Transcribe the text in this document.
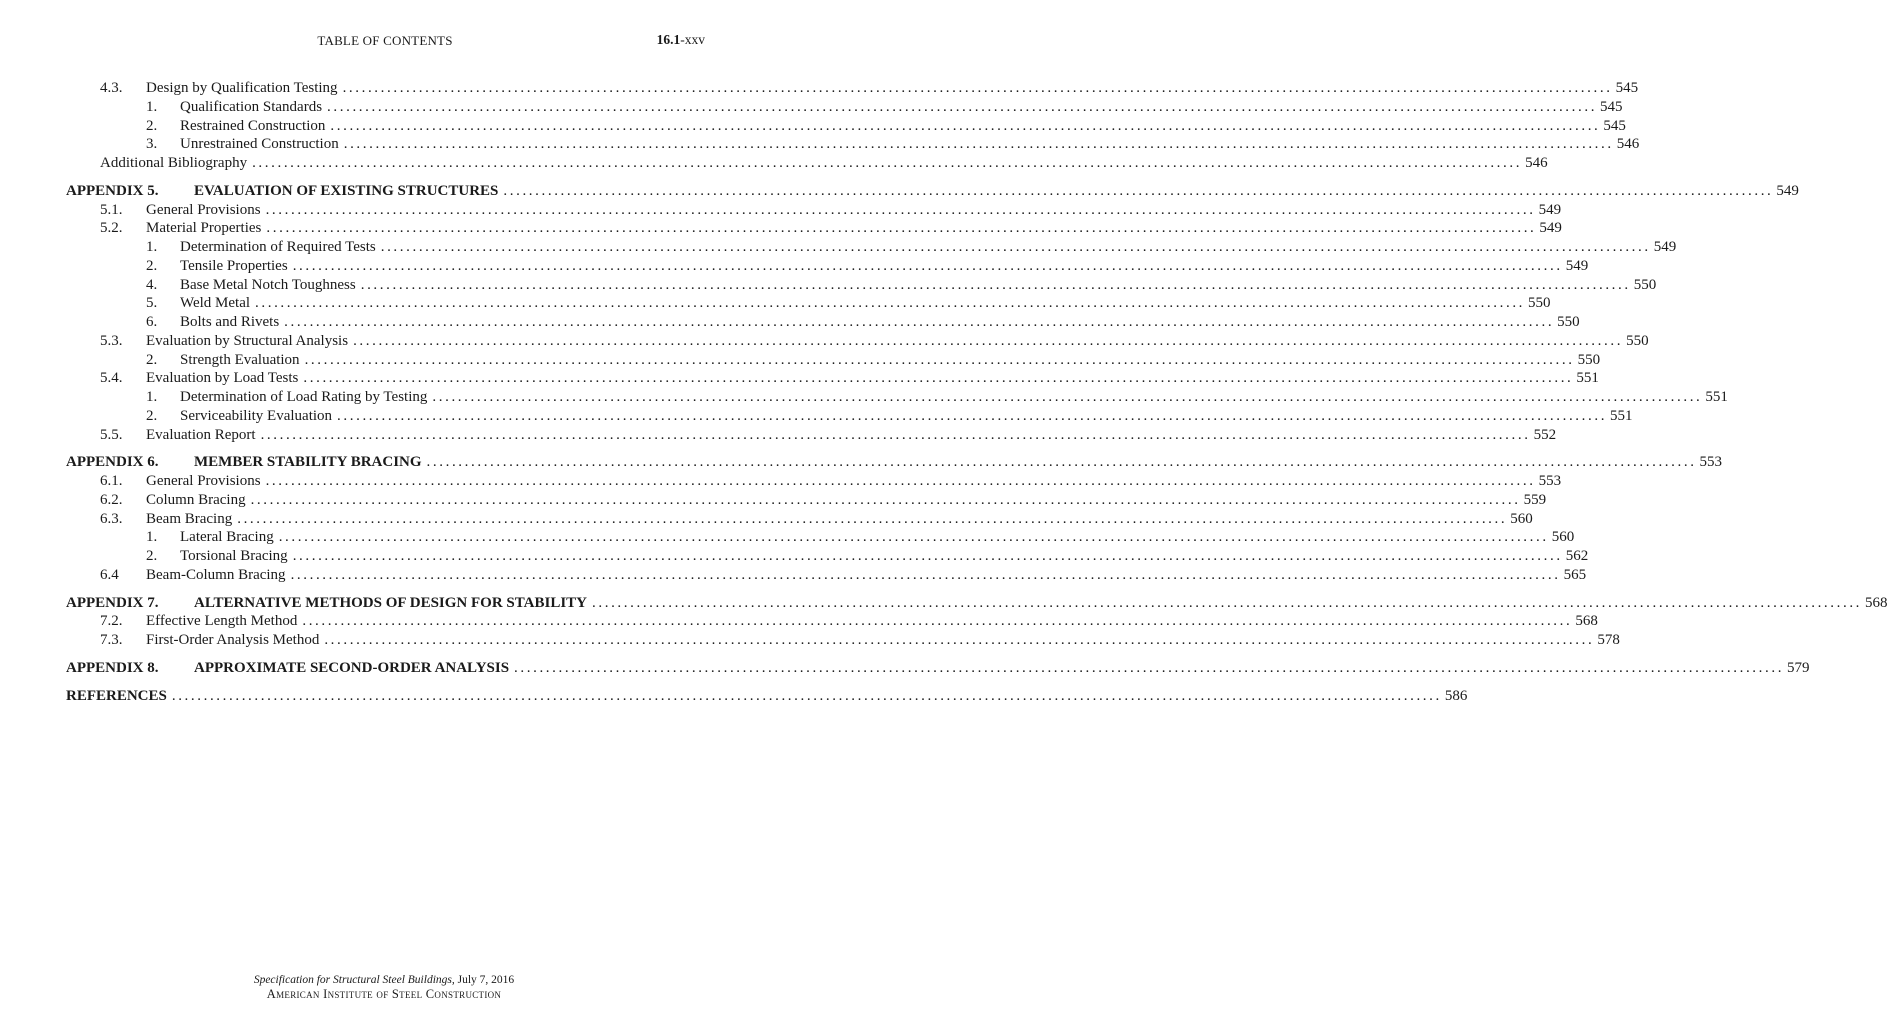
TABLE OF CONTENTS	16.1-xxv
4.3. Design by Qualification Testing ........................................................................................................................................................................................................ 545
1. Qualification Standards ........................................................................................................................................................................................................ 545
2. Restrained Construction ........................................................................................................................................................................................................ 545
3. Unrestrained Construction ........................................................................................................................................................................................................ 546
Additional Bibliography ........................................................................................................................................................................................................ 546
APPENDIX 5. EVALUATION OF EXISTING STRUCTURES ........................................................................................................................................................................................................ 549
5.1. General Provisions ........................................................................................................................................................................................................ 549
5.2. Material Properties ........................................................................................................................................................................................................ 549
1. Determination of Required Tests ........................................................................................................................................................................................................ 549
2. Tensile Properties ........................................................................................................................................................................................................ 549
4. Base Metal Notch Toughness ........................................................................................................................................................................................................ 550
5. Weld Metal ........................................................................................................................................................................................................ 550
6. Bolts and Rivets ........................................................................................................................................................................................................ 550
5.3. Evaluation by Structural Analysis ........................................................................................................................................................................................................ 550
2. Strength Evaluation ........................................................................................................................................................................................................ 550
5.4. Evaluation by Load Tests ........................................................................................................................................................................................................ 551
1. Determination of Load Rating by Testing ........................................................................................................................................................................................................ 551
2. Serviceability Evaluation ........................................................................................................................................................................................................ 551
5.5. Evaluation Report ........................................................................................................................................................................................................ 552
APPENDIX 6. MEMBER STABILITY BRACING ........................................................................................................................................................................................................ 553
6.1. General Provisions ........................................................................................................................................................................................................ 553
6.2. Column Bracing ........................................................................................................................................................................................................ 559
6.3. Beam Bracing ........................................................................................................................................................................................................ 560
1. Lateral Bracing ........................................................................................................................................................................................................ 560
2. Torsional Bracing ........................................................................................................................................................................................................ 562
6.4 Beam-Column Bracing ........................................................................................................................................................................................................ 565
APPENDIX 7. ALTERNATIVE METHODS OF DESIGN FOR STABILITY ........................................................................................................................................................................................................ 568
7.2. Effective Length Method ........................................................................................................................................................................................................ 568
7.3. First-Order Analysis Method ........................................................................................................................................................................................................ 578
APPENDIX 8. APPROXIMATE SECOND-ORDER ANALYSIS ........................................................................................................................................................................................................ 579
REFERENCES ........................................................................................................................................................................................................ 586
Specification for Structural Steel Buildings, July 7, 2016
American Institute of Steel Construction
